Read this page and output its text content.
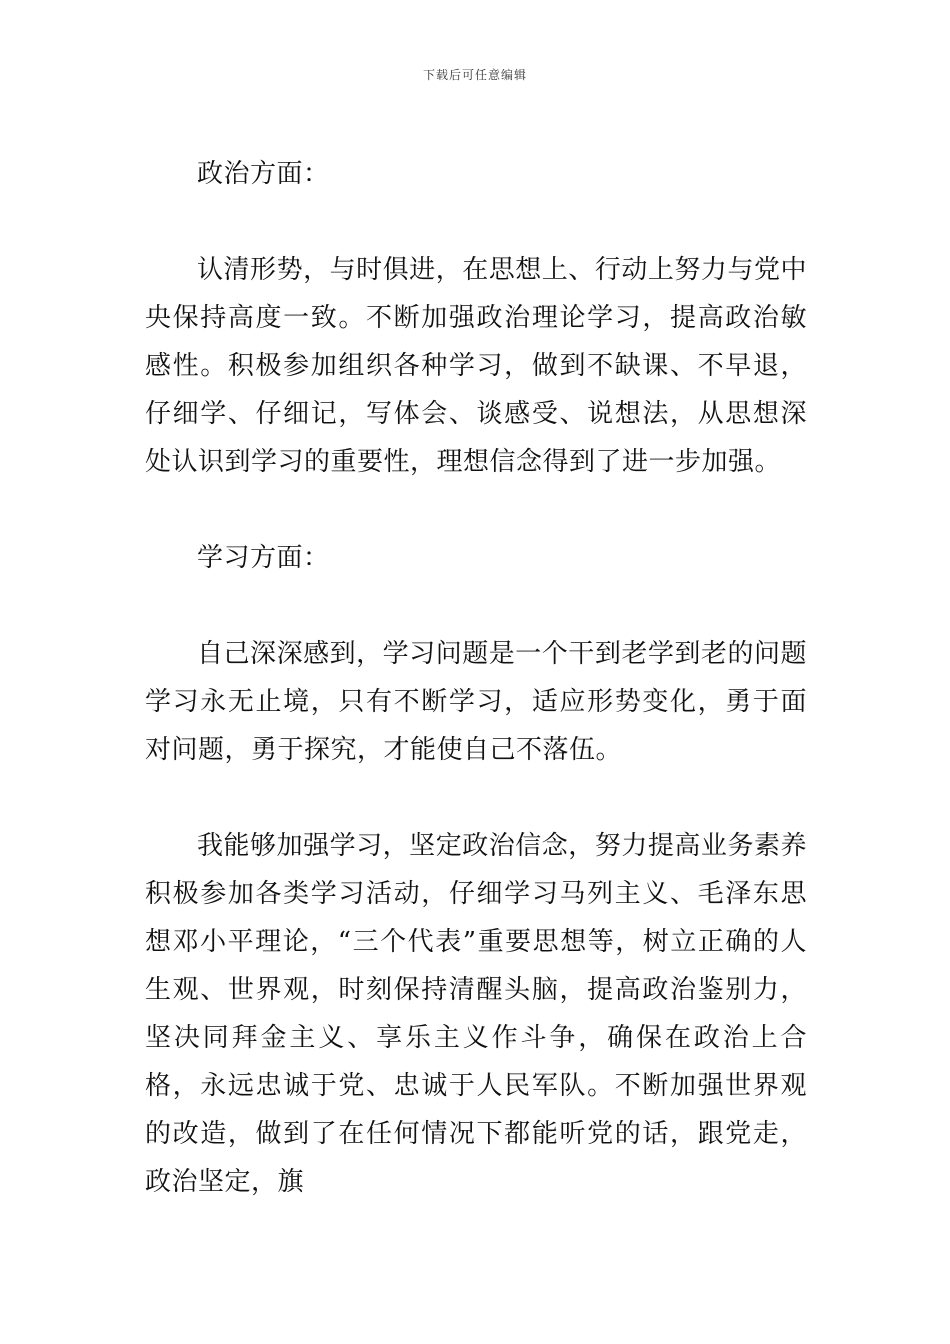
下载后可任意编辑

政治方面：

认清形势，与时俱进，在思想上、行动上努力与党中央保持高度一致。不断加强政治理论学习，提高政治敏感性。积极参加组织各种学习，做到不缺课、不早退，仔细学、仔细记，写体会、谈感受、说想法，从思想深处认识到学习的重要性，理想信念得到了进一步加强。

学习方面：

自己深深感到，学习问题是一个干到老学到老的问题学习永无止境，只有不断学习，适应形势变化，勇于面对问题，勇于探究，才能使自己不落伍。

我能够加强学习，坚定政治信念，努力提高业务素养积极参加各类学习活动，仔细学习马列主义、毛泽东思想邓小平理论，“三个代表”重要思想等，树立正确的人生观、世界观，时刻保持清醒头脑，提高政治鉴别力，坚决同拜金主义、享乐主义作斗争，确保在政治上合格，永远忠诚于党、忠诚于人民军队。不断加强世界观的改造，做到了在任何情况下都能听党的话，跟党走，政治坚定，旗
